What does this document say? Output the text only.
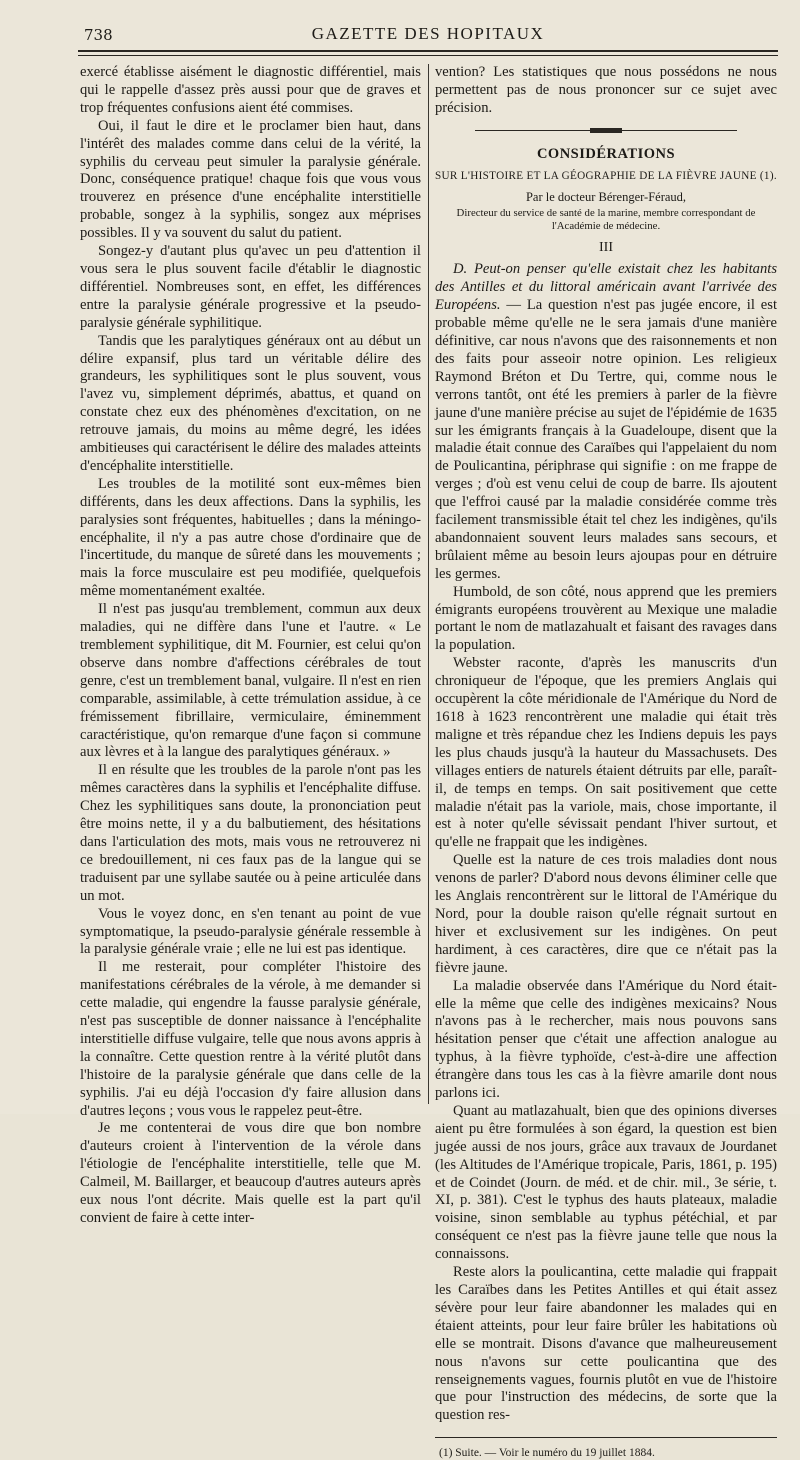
738	GAZETTE DES HOPITAUX

exercé établisse aisément le diagnostic différentiel, mais qui le rappelle d'assez près aussi pour que de graves et trop fréquentes confusions aient été commises.

Oui, il faut le dire et le proclamer bien haut, dans l'intérêt des malades comme dans celui de la vérité, la syphilis du cerveau peut simuler la paralysie générale. Donc, conséquence pratique! chaque fois que vous vous trouverez en présence d'une encéphalite interstitielle probable, songez à la syphilis, songez aux méprises possibles. Il y va souvent du salut du patient.

Songez-y d'autant plus qu'avec un peu d'attention il vous sera le plus souvent facile d'établir le diagnostic différentiel. Nombreuses sont, en effet, les différences entre la paralysie générale progressive et la pseudo-paralysie générale syphilitique.

Tandis que les paralytiques généraux ont au début un délire expansif, plus tard un véritable délire des grandeurs, les syphilitiques sont le plus souvent, vous l'avez vu, simplement déprimés, abattus, et quand on constate chez eux des phénomènes d'excitation, on ne retrouve jamais, du moins au même degré, les idées ambitieuses qui caractérisent le délire des malades atteints d'encéphalite interstitielle.

Les troubles de la motilité sont eux-mêmes bien différents, dans les deux affections. Dans la syphilis, les paralysies sont fréquentes, habituelles ; dans la méningo-encéphalite, il n'y a pas autre chose d'ordinaire que de l'incertitude, du manque de sûreté dans les mouvements ; mais la force musculaire est peu modifiée, quelquefois même momentanément exaltée.

Il n'est pas jusqu'au tremblement, commun aux deux maladies, qui ne diffère dans l'une et l'autre. « Le tremblement syphilitique, dit M. Fournier, est celui qu'on observe dans nombre d'affections cérébrales de tout genre, c'est un tremblement banal, vulgaire. Il n'est en rien comparable, assimilable, à cette trémulation assidue, à ce frémissement fibrillaire, vermiculaire, éminemment caractéristique, qu'on remarque d'une façon si commune aux lèvres et à la langue des paralytiques généraux. »

Il en résulte que les troubles de la parole n'ont pas les mêmes caractères dans la syphilis et l'encéphalite diffuse. Chez les syphilitiques sans doute, la prononciation peut être moins nette, il y a du balbutiement, des hésitations dans l'articulation des mots, mais vous ne retrouverez ni ce bredouillement, ni ces faux pas de la langue qui se traduisent par une syllabe sautée ou à peine articulée dans un mot.

Vous le voyez donc, en s'en tenant au point de vue symptomatique, la pseudo-paralysie générale ressemble à la paralysie générale vraie ; elle ne lui est pas identique.

Il me resterait, pour compléter l'histoire des manifestations cérébrales de la vérole, à me demander si cette maladie, qui engendre la fausse paralysie générale, n'est pas susceptible de donner naissance à l'encéphalite interstitielle diffuse vulgaire, telle que nous avons appris à la connaître. Cette question rentre à la vérité plutôt dans l'histoire de la paralysie générale que dans celle de la syphilis. J'ai eu déjà l'occasion d'y faire allusion dans d'autres leçons ; vous vous le rappelez peut-être.

Je me contenterai de vous dire que bon nombre d'auteurs croient à l'intervention de la vérole dans l'étiologie de l'encéphalite interstitielle, telle que M. Calmeil, M. Baillarger, et beaucoup d'autres auteurs après eux nous l'ont décrite. Mais quelle est la part qu'il convient de faire à cette inter-

vention? Les statistiques que nous possédons ne nous permettent pas de nous prononcer sur ce sujet avec précision.

CONSIDÉRATIONS
SUR L'HISTOIRE ET LA GÉOGRAPHIE DE LA FIÈVRE JAUNE (1).
Par le docteur Bérenger-Féraud,
Directeur du service de santé de la marine, membre correspondant de l'Académie de médecine.
III

D. Peut-on penser qu'elle existait chez les habitants des Antilles et du littoral américain avant l'arrivée des Européens. — La question n'est pas jugée encore, il est probable même qu'elle ne le sera jamais d'une manière définitive, car nous n'avons que des raisonnements et non des faits pour asseoir notre opinion. Les religieux Raymond Bréton et Du Tertre, qui, comme nous le verrons tantôt, ont été les premiers à parler de la fièvre jaune d'une manière précise au sujet de l'épidémie de 1635 sur les émigrants français à la Guadeloupe, disent que la maladie était connue des Caraïbes qui l'appelaient du nom de Poulicantina, périphrase qui signifie : on me frappe de verges ; d'où est venu celui de coup de barre. Ils ajoutent que l'effroi causé par la maladie considérée comme très facilement transmissible était tel chez les indigènes, qu'ils abandonnaient souvent leurs malades sans secours, et brûlaient même au besoin leurs ajoupas pour en détruire les germes.

Humbold, de son côté, nous apprend que les premiers émigrants européens trouvèrent au Mexique une maladie portant le nom de matlazahualt et faisant des ravages dans la population.

Webster raconte, d'après les manuscrits d'un chroniqueur de l'époque, que les premiers Anglais qui occupèrent la côte méridionale de l'Amérique du Nord de 1618 à 1623 rencontrèrent une maladie qui était très maligne et très répandue chez les Indiens depuis les pays les plus chauds jusqu'à la hauteur du Massachusets. Des villages entiers de naturels étaient détruits par elle, paraît-il, de temps en temps. On sait positivement que cette maladie n'était pas la variole, mais, chose importante, il est à noter qu'elle sévissait pendant l'hiver surtout, et qu'elle ne frappait que les indigènes.

Quelle est la nature de ces trois maladies dont nous venons de parler? D'abord nous devons éliminer celle que les Anglais rencontrèrent sur le littoral de l'Amérique du Nord, pour la double raison qu'elle régnait surtout en hiver et exclusivement sur les indigènes. On peut hardiment, à ces caractères, dire que ce n'était pas la fièvre jaune.

La maladie observée dans l'Amérique du Nord était-elle la même que celle des indigènes mexicains? Nous n'avons pas à le rechercher, mais nous pouvons sans hésitation penser que c'était une affection analogue au typhus, à la fièvre typhoïde, c'est-à-dire une affection étrangère dans tous les cas à la fièvre amarile dont nous parlons ici.

Quant au matlazahualt, bien que des opinions diverses aient pu être formulées à son égard, la question est bien jugée aussi de nos jours, grâce aux travaux de Jourdanet (les Altitudes de l'Amérique tropicale, Paris, 1861, p. 195) et de Coindet (Journ. de méd. et de chir. mil., 3e série, t. XI, p. 381). C'est le typhus des hauts plateaux, maladie voisine, sinon semblable au typhus pétéchial, et par conséquent ce n'est pas la fièvre jaune telle que nous la connaissons.

Reste alors la poulicantina, cette maladie qui frappait les Caraïbes dans les Petites Antilles et qui était assez sévère pour leur faire abandonner les malades qui en étaient atteints, pour leur faire brûler les habitations où elle se montrait. Disons d'avance que malheureusement nous n'avons sur cette poulicantina que des renseignements vagues, fournis plutôt en vue de l'histoire que pour l'instruction des médecins, de sorte que la question res-

(1) Suite. — Voir le numéro du 19 juillet 1884.
